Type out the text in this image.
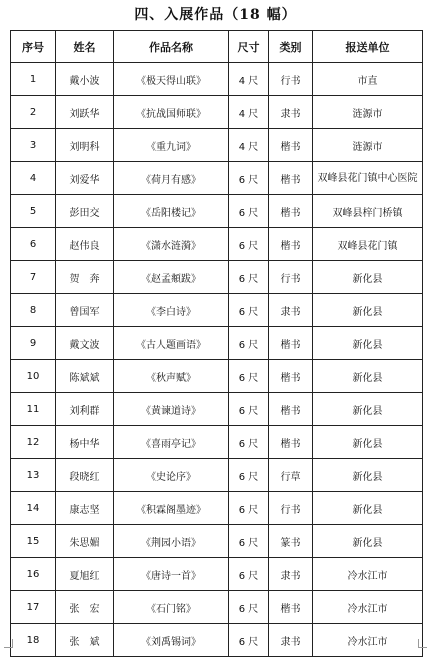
四、入展作品（18 幅）
序号	姓名	作品名称	尺寸	类别	报送单位
1	戴小波	《极天得山联》	4 尺	行书	市直
2	刘跃华	《抗战国师联》	4 尺	隶书	涟源市
3	刘明科	《重九词》	4 尺	楷书	涟源市
4	刘爱华	《荷月有感》	6 尺	楷书	双峰县花门镇中心医院
5	彭田交	《岳阳楼记》	6 尺	楷书	双峰县梓门桥镇
6	赵伟良	《潇水涟漪》	6 尺	楷书	双峰县花门镇
7	贺　奔	《赵孟頫跋》	6 尺	行书	新化县
8	曾国军	《李白诗》	6 尺	隶书	新化县
9	戴文波	《古人题画语》	6 尺	楷书	新化县
10	陈斌斌	《秋声赋》	6 尺	楷书	新化县
11	刘利群	《黄谏道诗》	6 尺	楷书	新化县
12	杨中华	《喜雨亭记》	6 尺	楷书	新化县
13	段晓红	《史论序》	6 尺	行草	新化县
14	康志坚	《积霖阁墨迹》	6 尺	行书	新化县
15	朱思媚	《荆园小语》	6 尺	篆书	新化县
16	夏旭红	《唐诗一首》	6 尺	隶书	冷水江市
17	张　宏	《石门铭》	6 尺	楷书	冷水江市
18	张　斌	《刘禹锡词》	6 尺	隶书	冷水江市
